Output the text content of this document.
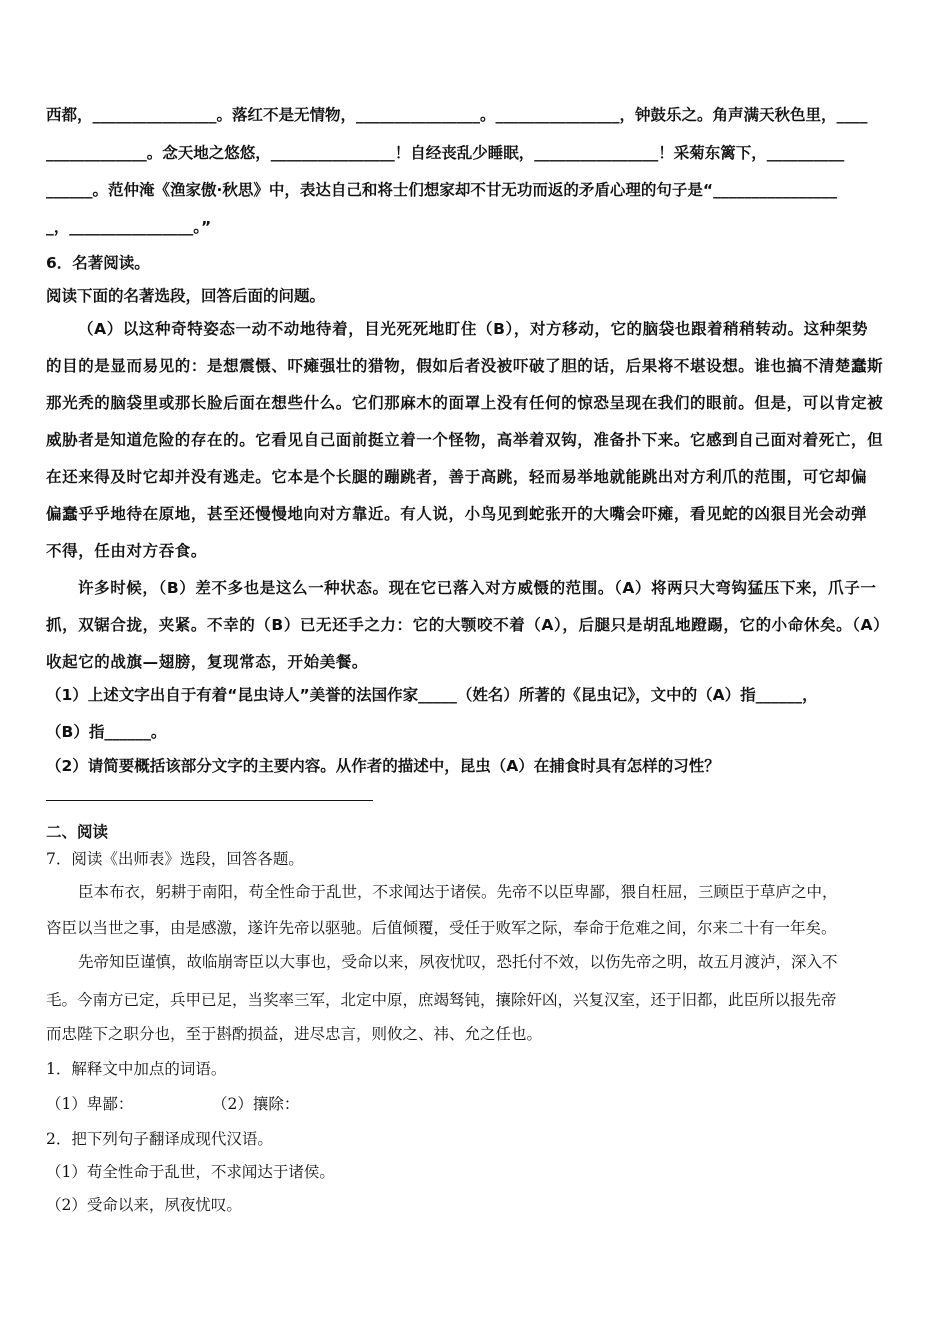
西都，________________。落红不是无情物，________________。________________，钟鼓乐之。角声满天秋色里，____
_____________。念天地之悠悠，________________！自经丧乱少睡眠，________________！采菊东篱下，__________
______。范仲淹《渔家傲·秋思》中，表达自己和将士们想家却不甘无功而返的矛盾心理的句子是“________________
_，________________。”
6．名著阅读。
阅读下面的名著选段，回答后面的问题。
（A）以这种奇特姿态一动不动地待着，目光死死地盯住（B），对方移动，它的脑袋也跟着稍稍转动。这种架势
的目的是显而易见的：是想震慑、吓瘫强壮的猎物，假如后者没被吓破了胆的话，后果将不堪设想。谁也搞不清楚蠢斯
那光秃的脑袋里或那长脸后面在想些什么。它们那麻木的面罩上没有任何的惊恐呈现在我们的眼前。但是，可以肯定被
威胁者是知道危险的存在的。它看见自己面前挺立着一个怪物，高举着双钩，准备扑下来。它感到自己面对着死亡，但
在还来得及时它却并没有逃走。它本是个长腿的蹦跳者，善于高跳，轻而易举地就能跳出对方利爪的范围，可它却偏
偏蠢乎乎地待在原地，甚至还慢慢地向对方靠近。有人说，小鸟见到蛇张开的大嘴会吓瘫，看见蛇的凶狠目光会动弹
不得，任由对方吞食。
许多时候，（B）差不多也是这么一种状态。现在它已落入对方威慑的范围。（A）将两只大弯钩猛压下来，爪子一
抓，双锯合拢，夹紧。不幸的（B）已无还手之力：它的大颚咬不着（A），后腿只是胡乱地蹬踢，它的小命休矣。（A）
收起它的战旗—翅膀，复现常态，开始美餐。
（1）上述文字出自于有着“昆虫诗人”美誉的法国作家_____（姓名）所著的《昆虫记》，文中的（A）指______，
（B）指______。
（2）请简要概括该部分文字的主要内容。从作者的描述中，昆虫（A）在捕食时具有怎样的习性？
二、阅读
7．阅读《出师表》选段，回答各题。
臣本布衣，躬耕于南阳，苟全性命于乱世，不求闻达于诸侯。先帝不以臣卑鄙，猥自枉屈，三顾臣于草庐之中，
咨臣以当世之事，由是感激，遂许先帝以驱驰。后值倾覆，受任于败军之际，奉命于危难之间，尔来二十有一年矣。
先帝知臣谨慎，故临崩寄臣以大事也，受命以来，夙夜忧叹，恐托付不效，以伤先帝之明，故五月渡泸，深入不
毛。今南方已定，兵甲已足，当奖率三军，北定中原，庶竭驽钝，攘除奸凶，兴复汉室，还于旧都，此臣所以报先帝
而忠陛下之职分也，至于斟酌损益，进尽忠言，则攸之、祎、允之任也。
1．解释文中加点的词语。
（1）卑鄙：	（2）攘除：
2．把下列句子翻译成现代汉语。
（1）苟全性命于乱世，不求闻达于诸侯。
（2）受命以来，夙夜忧叹。
